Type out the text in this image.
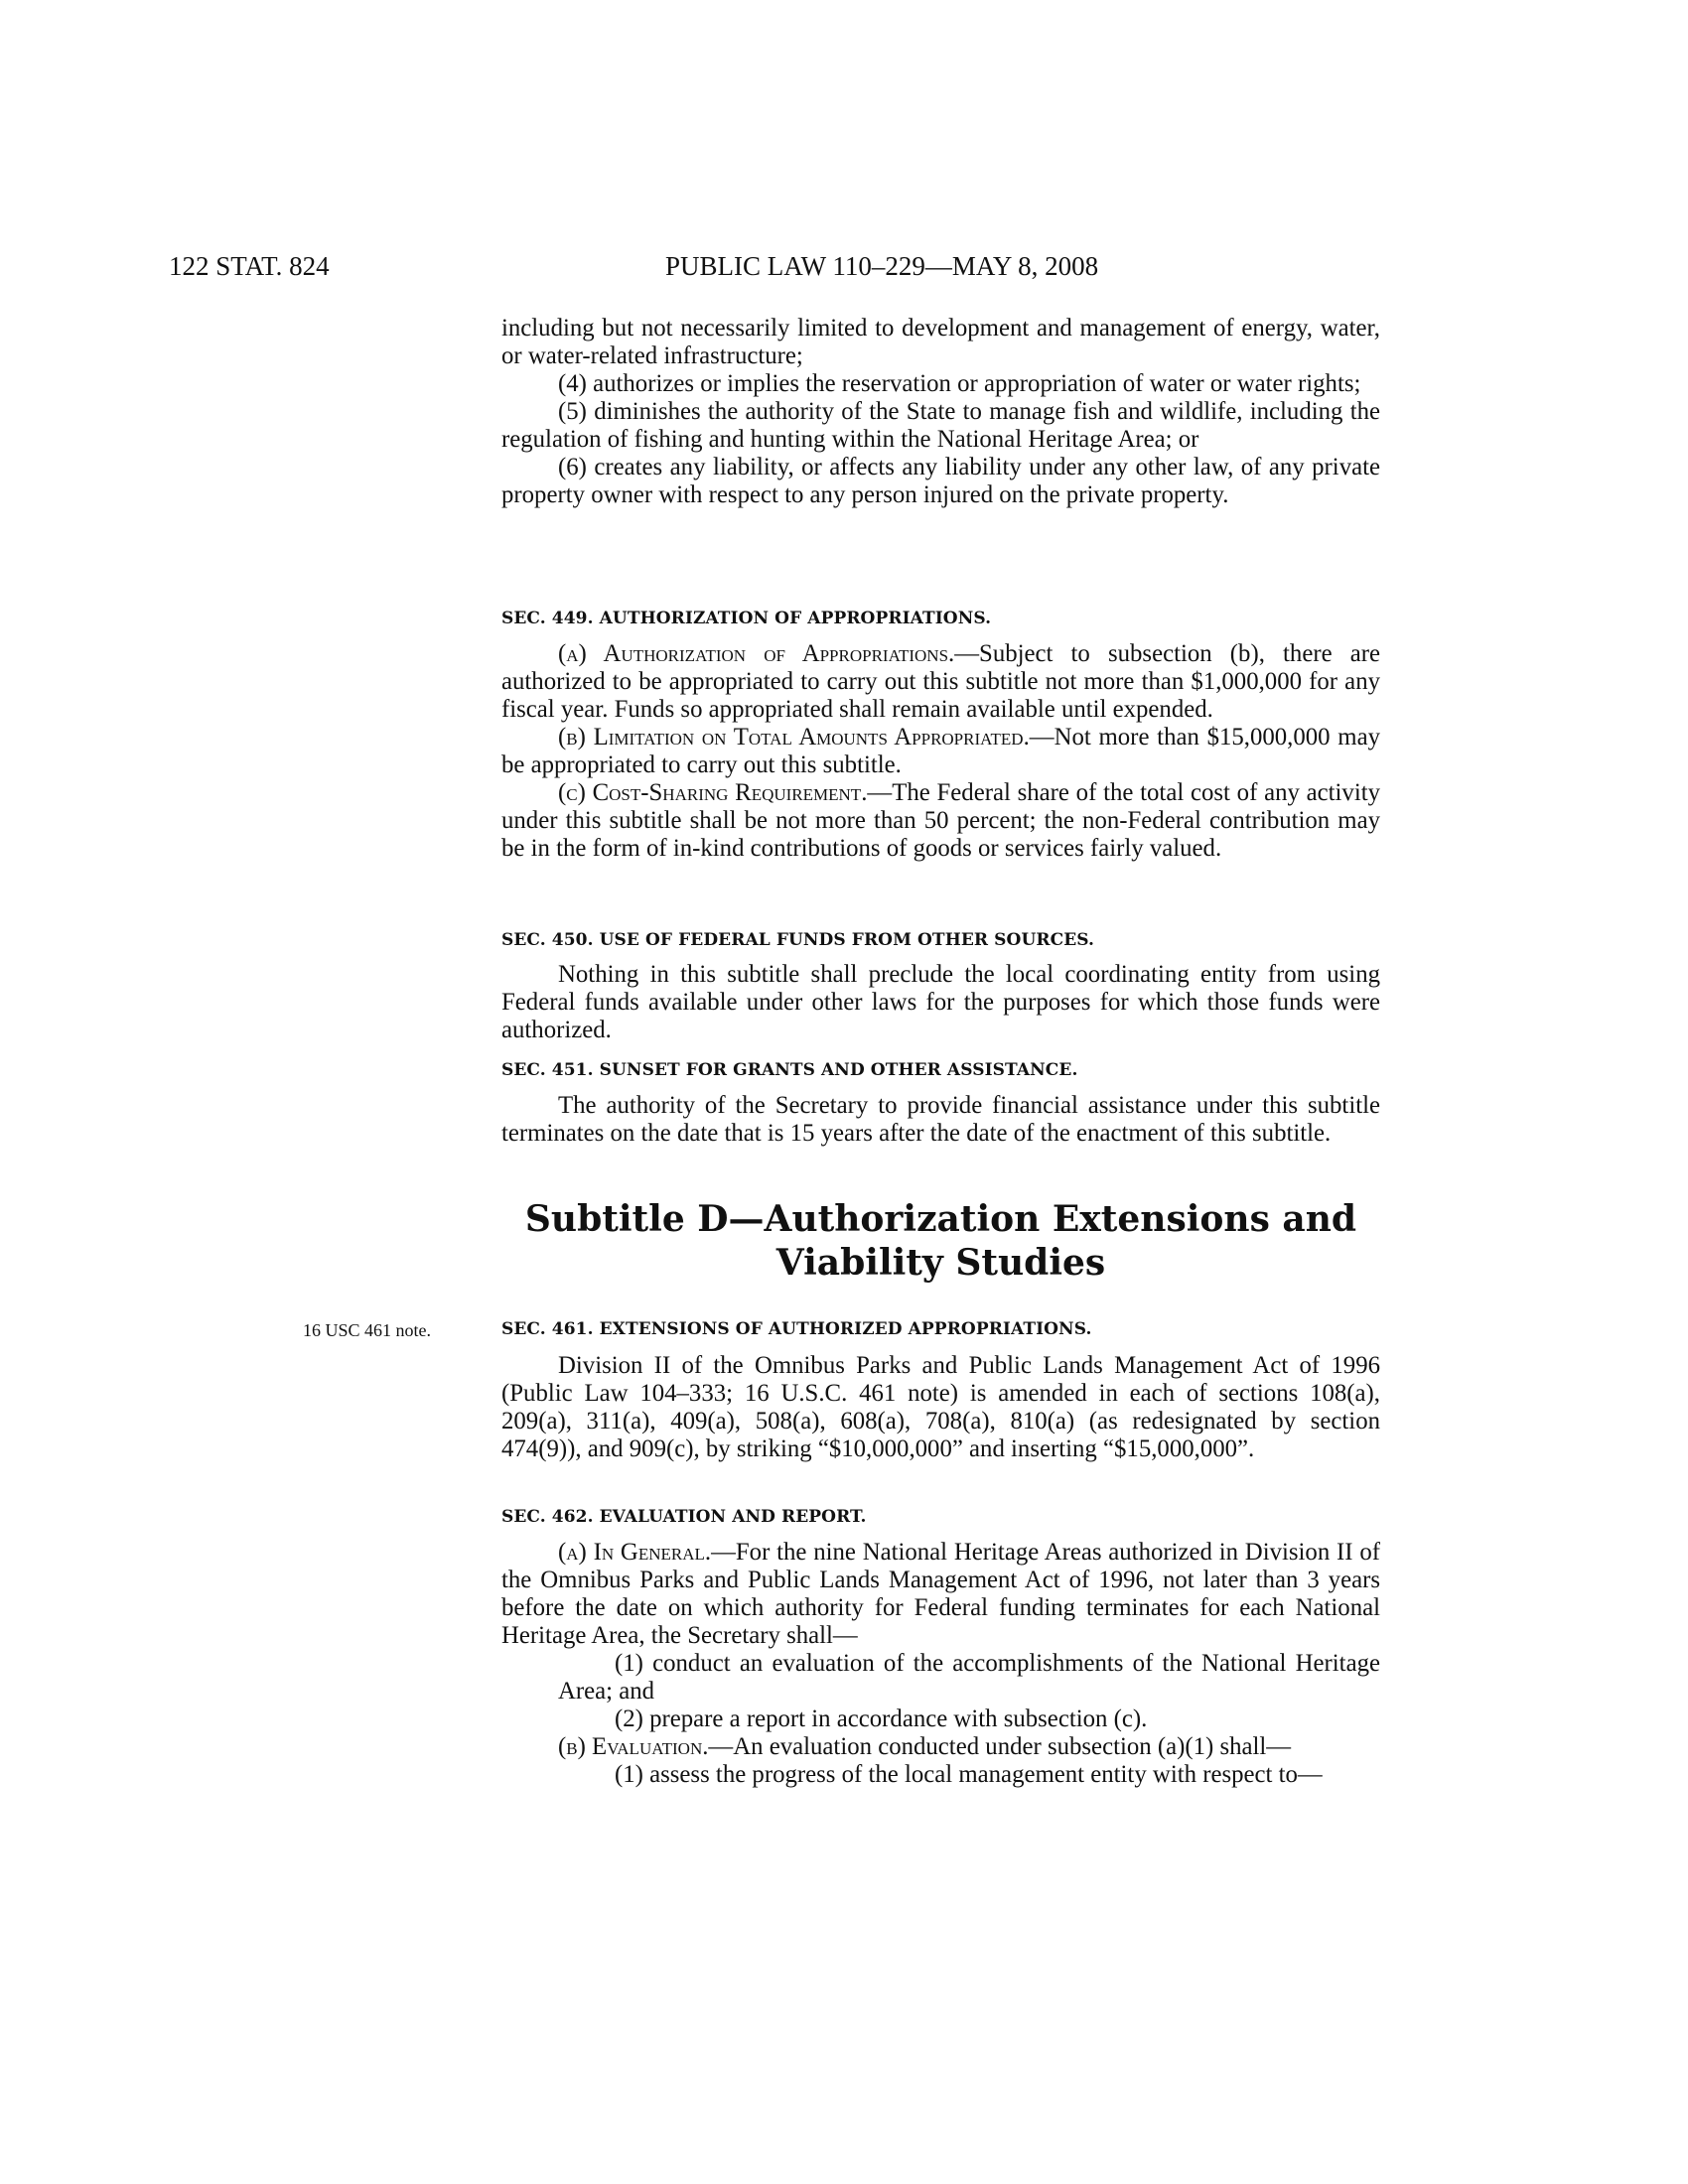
122 STAT. 824	PUBLIC LAW 110–229—MAY 8, 2008

including but not necessarily limited to development and management of energy, water, or water-related infrastructure;

(4) authorizes or implies the reservation or appropriation of water or water rights;

(5) diminishes the authority of the State to manage fish and wildlife, including the regulation of fishing and hunting within the National Heritage Area; or

(6) creates any liability, or affects any liability under any other law, of any private property owner with respect to any person injured on the private property.

SEC. 449. AUTHORIZATION OF APPROPRIATIONS.

(a) Authorization of Appropriations.—Subject to subsection (b), there are authorized to be appropriated to carry out this subtitle not more than $1,000,000 for any fiscal year. Funds so appropriated shall remain available until expended.

(b) Limitation on Total Amounts Appropriated.—Not more than $15,000,000 may be appropriated to carry out this subtitle.

(c) Cost-Sharing Requirement.—The Federal share of the total cost of any activity under this subtitle shall be not more than 50 percent; the non-Federal contribution may be in the form of in-kind contributions of goods or services fairly valued.

SEC. 450. USE OF FEDERAL FUNDS FROM OTHER SOURCES.

Nothing in this subtitle shall preclude the local coordinating entity from using Federal funds available under other laws for the purposes for which those funds were authorized.

SEC. 451. SUNSET FOR GRANTS AND OTHER ASSISTANCE.

The authority of the Secretary to provide financial assistance under this subtitle terminates on the date that is 15 years after the date of the enactment of this subtitle.

Subtitle D—Authorization Extensions and
Viability Studies
16 USC 461 note.	SEC. 461. EXTENSIONS OF AUTHORIZED APPROPRIATIONS.

Division II of the Omnibus Parks and Public Lands Management Act of 1996 (Public Law 104–333; 16 U.S.C. 461 note) is amended in each of sections 108(a), 209(a), 311(a), 409(a), 508(a), 608(a), 708(a), 810(a) (as redesignated by section 474(9)), and 909(c), by striking “$10,000,000” and inserting “$15,000,000”.

SEC. 462. EVALUATION AND REPORT.

(a) In General.—For the nine National Heritage Areas authorized in Division II of the Omnibus Parks and Public Lands Management Act of 1996, not later than 3 years before the date on which authority for Federal funding terminates for each National Heritage Area, the Secretary shall—

(1) conduct an evaluation of the accomplishments of the National Heritage Area; and

(2) prepare a report in accordance with subsection (c).

(b) Evaluation.—An evaluation conducted under subsection (a)(1) shall—

(1) assess the progress of the local management entity with respect to—
